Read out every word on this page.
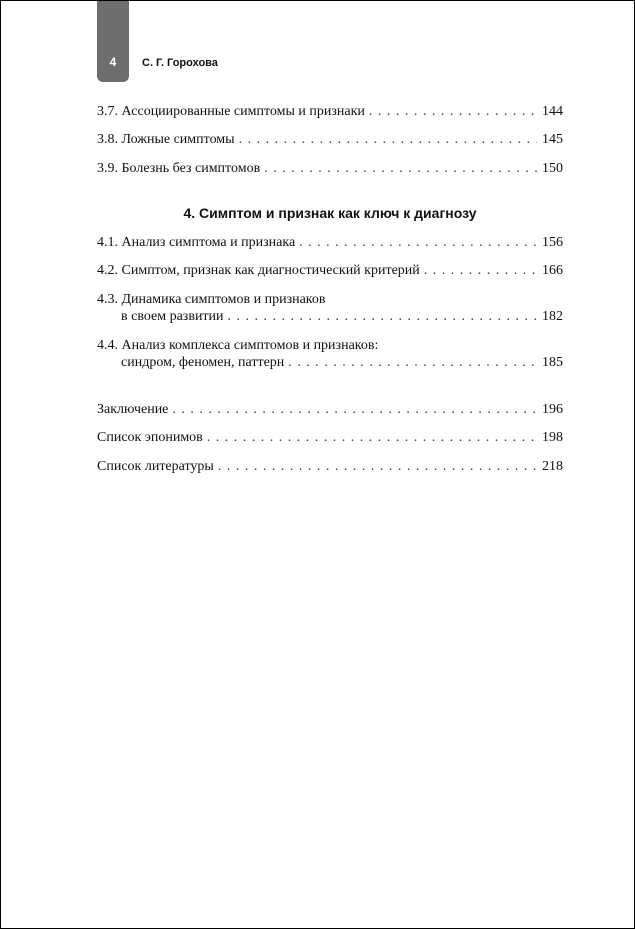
4	С. Г. Горохова
3.7. Ассоциированные симптомы и признаки . . .	144
3.8. Ложные симптомы . . .	145
3.9. Болезнь без симптомов . . .	150
4. Симптом и признак как ключ к диагнозу
4.1. Анализ симптома и признака . . .	156
4.2. Симптом, признак как диагностический критерий . . .	166
4.3. Динамика симптомов и признаков
в своем развитии . . .	182
4.4. Анализ комплекса симптомов и признаков:
синдром, феномен, паттерн . . .	185
Заключение . . .	196
Список эпонимов . . .	198
Список литературы . . .	218
